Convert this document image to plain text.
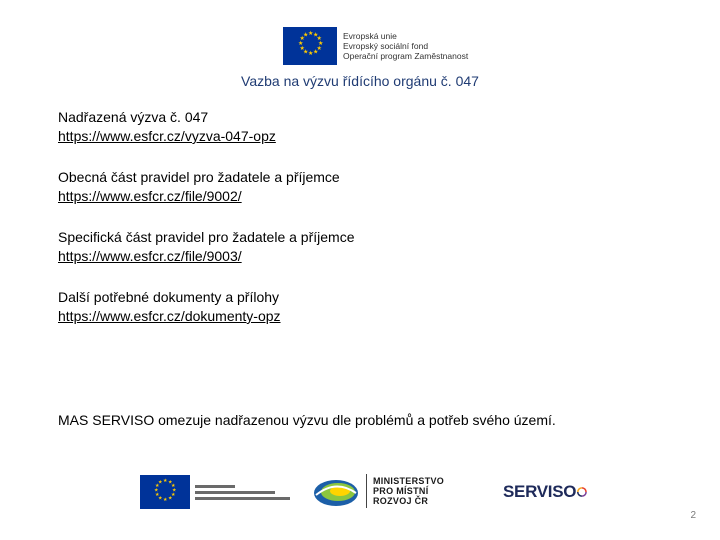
★ ★
★
★
★
★
★
★
★
★
★
★	Evropská unie
Evropský sociální fond
Operační program Zaměstnanost
Vazba na výzvu řídícího orgánu č. 047
Nadřazená výzva č. 047
https://www.esfcr.cz/vyzva-047-opz
Obecná část pravidel pro žadatele a příjemce
https://www.esfcr.cz/file/9002/
Specifická část pravidel pro žadatele a příjemce
https://www.esfcr.cz/file/9003/
Další potřebné dokumenty a přílohy
https://www.esfcr.cz/dokumenty-opz
MAS SERVISO omezuje nadřazenou výzvu dle problémů a potřeb svého území.
★ ★
★
★
★
★
★
★
★
★
★
★	MINISTERSTVO
PRO MÍSTNÍ
ROZVOJ ČR	SERVISO
2
